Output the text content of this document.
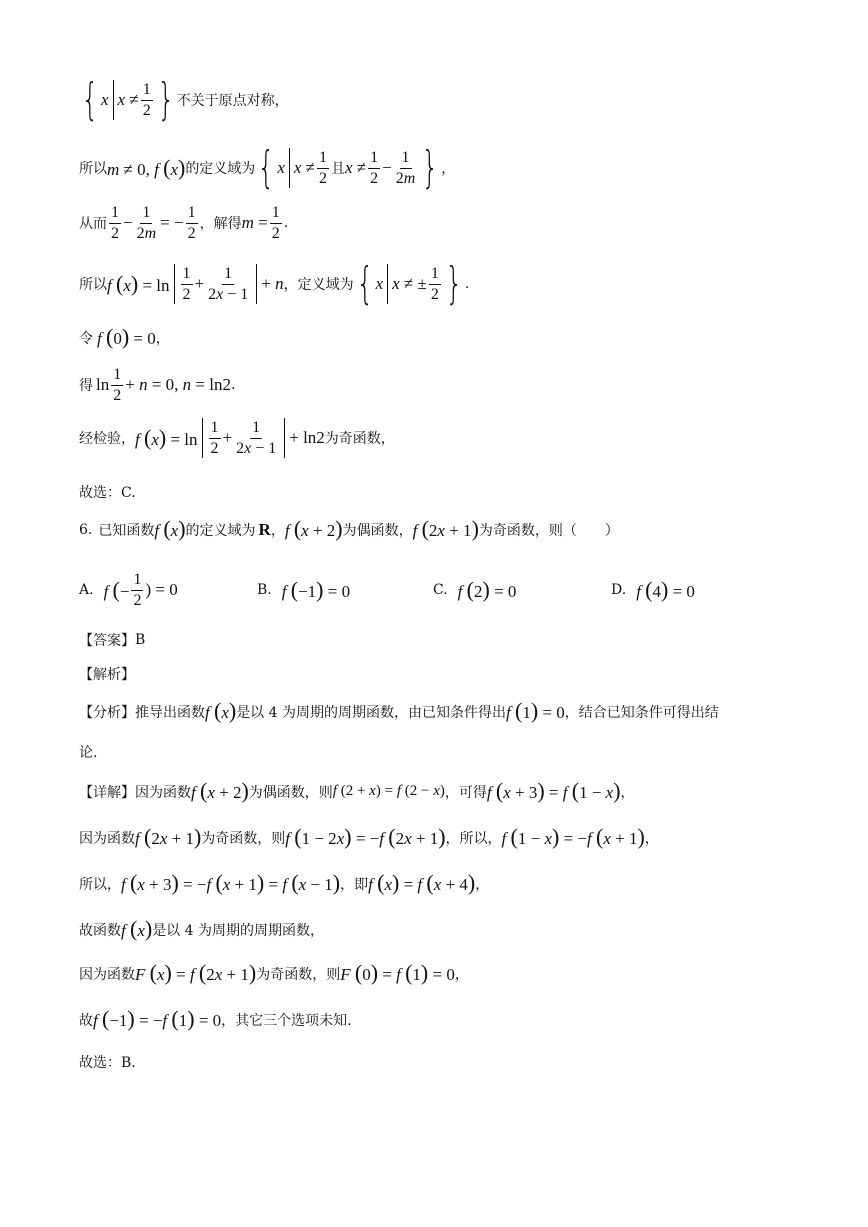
{ x $x \ne \frac{1}{2}$ } 不关于原点对称，
所以 m ≠ 0, f (x) 的定义域为 { x $x \ne \frac{1}{2}$ 且 $x \ne \frac{1}{2} - \frac{1}{2m}$ } ，
从而 $\frac{1}{2} - \frac{1}{2m}$ = − $\frac{1}{2}$ ，解得 $m = \frac{1}{2}$ .
所以 f $(x) = \ln \frac{1}{2} + \frac{1}{2x - 1} + n$ ，定义域为 { x x ≠ ± $\frac{1}{2}$ } .
令 f (0) = 0 ，
得 $\ln \frac{1}{2} + n = 0$, n = ln2 .
经检验， f $(x) = \ln \frac{1}{2} + \frac{1}{2x - 1} + \ln 2$ 为奇函数，
故选：C.
6. 已知函数 f (x) 的定义域为 R ， f (x + 2) 为偶函数， f (2x + 1) 为奇函数，则（　　）
A. f (− $\frac{1}{2}$ ) = 0	B. f (−1) = 0	C. f (2) = 0	D. f (4) = 0
【答案】 B
【解析】
【分析】 推导出函数 f (x) 是以 4 为周期的周期函数，由已知条件得出 f (1) = 0 ，结合已知条件可得出结
论.
【详解】 因为函数 f (x + 2) 为偶函数，则 f (2 + x) = f (2 − x) ，可得 f (x + 3) = f (1 − x) ，
因为函数 f (2x + 1) 为奇函数，则 f (1 − 2x) = −f (2x + 1) ，所以， f (1 − x) = −f (x + 1) ，
所以， f (x + 3) = −f (x + 1) = f (x − 1) ，即 f (x) = f (x + 4) ，
故函数 f (x) 是以 4 为周期的周期函数，
因为函数 F (x) = f (2x + 1) 为奇函数，则 F (0) = f (1) = 0 ，
故 f (−1) = −f (1) = 0 ，其它三个选项未知.
故选：B.
